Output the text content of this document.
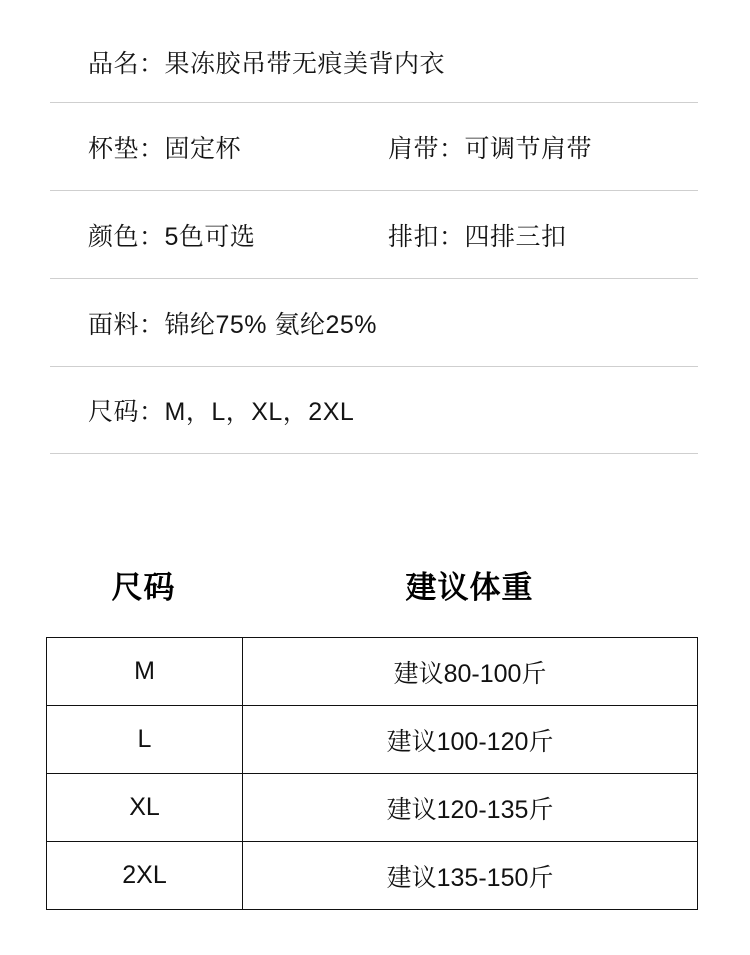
品名：果冻胶吊带无痕美背内衣
杯垫：固定杯	肩带：可调节肩带
颜色：5色可选	排扣：四排三扣
面料：锦纶75% 氨纶25%
尺码：M，L，XL，2XL
尺码	建议体重
M	建议80-100斤
L	建议100-120斤
XL	建议120-135斤
2XL	建议135-150斤
